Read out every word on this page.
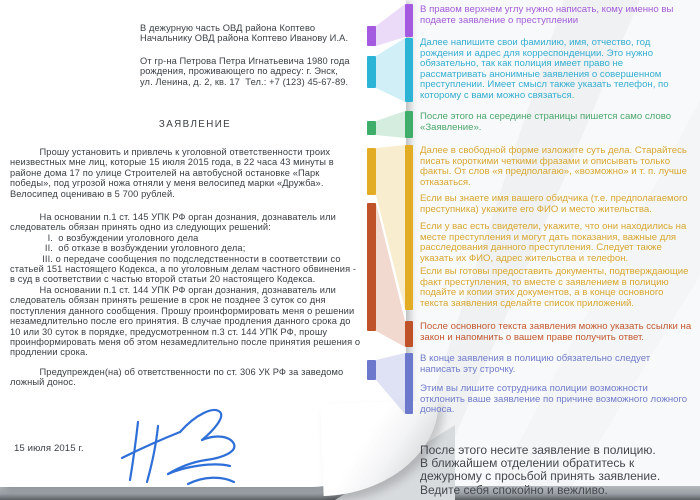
В дежурную часть ОВД района Коптево
Начальнику ОВД района Коптево Иванову И.А.
От гр-на Петрова Петра Игнатьевича 1980 года
рождения, проживающего по адресу: г. Энск,
ул. Ленина, д. 2, кв. 17  Тел.: +7 (123) 45-67-89.
ЗАЯВЛЕНИЕ
Прошу установить и привлечь к уголовной ответственности троих
неизвестных мне лиц, которые 15 июля 2015 года, в 22 часа 43 минуты в
районе дома 17 по улице Строителей на автобусной остановке «Парк
победы», под угрозой ножа отняли у меня велосипед марки «Дружба».
Велосипед оцениваю в 5 700 рублей.
На основании п.1 ст. 145 УПК РФ орган дознания, дознаватель или
следователь обязан принять одно из следующих решений:
I.  о возбуждении уголовного дела
II.  об отказе в возбуждении уголовного дела;
III. о передаче сообщения по подследственности в соответствии со
статьей 151 настоящего Кодекса, а по уголовным делам частного обвинения -
в суд в соответствии с частью второй статьи 20 настоящего Кодекса.
На основании п.1 ст. 144 УПК РФ орган дознания, дознаватель или
следователь обязан принять решение в срок не позднее 3 суток со дня
поступления данного сообщения. Прошу проинформировать меня о решении
незамедлительно после его принятия. В случае продления данного срока до
10 или 30 суток в порядке, предусмотренном п.3 ст. 144 УПК РФ, прошу
проинформировать меня об этом незамедлительно после принятия решения о
продлении срока.
Предупрежден(на) об ответственности по ст. 306 УК РФ за заведомо
ложный донос.
15 июля 2015 г.
В правом верхнем углу нужно написать, кому именно вы подаете заявление о преступлении
Далее напишите свои фамилию, имя, отчество, год рождения и адрес для корреспонденции. Это нужно обязательно, так как полиция имеет право не рассматривать анонимные заявления о совершенном преступлении. Имеет смысл также указать телефон, по которому с вами можно связаться.
После этого на середине страницы пишется само слово «Заявление».
Далее в свободной форме изложите суть дела. Старайтесь писать короткими четкими фразами и описывать только факты. От слов «я предполагаю», «возможно» и т. п. лучше отказаться.
Если вы знаете имя вашего обидчика (т.е. предполагаемого преступника) укажите его ФИО и место жительства.
Если у вас есть свидетели, укажите, что они находились на месте преступления и могут дать показания, важные для расследования данного преступления. Следует также указать их ФИО, адрес жительства и телефон.
Если вы готовы предоставить документы, подтверждающие факт преступления, то вместе с заявлением в полицию подайте и копии этих документов, а в конце основного текста заявления сделайте список приложений.
После основного текста заявления можно указать ссылки на закон и напомнить о вашем праве получить ответ.
В конце заявления в полицию обязательно следует написать эту строчку.
Этим вы лишите сотрудника полиции возможности отклонить ваше заявление по причине возможного ложного доноса.
После этого несите заявление в полицию.
В ближайшем отделении обратитесь к
дежурному с просьбой принять заявление.
Ведите себя спокойно и вежливо.
